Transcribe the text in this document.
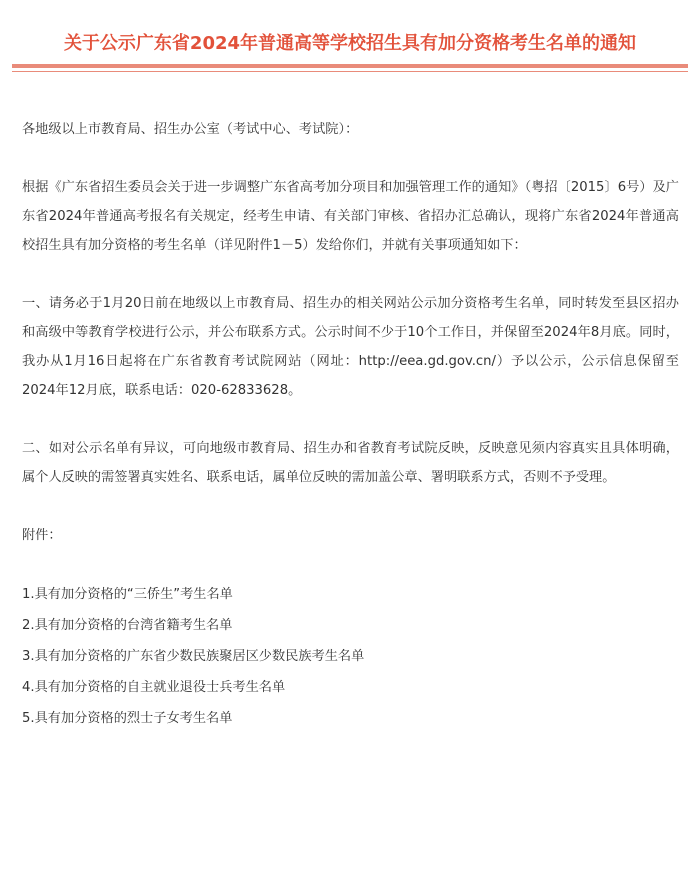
关于公示广东省2024年普通高等学校招生具有加分资格考生名单的通知

各地级以上市教育局、招生办公室（考试中心、考试院）：

根据《广东省招生委员会关于进一步调整广东省高考加分项目和加强管理工作的通知》（粤招〔2015〕6号）及广东省2024年普通高考报名有关规定，经考生申请、有关部门审核、省招办汇总确认，现将广东省2024年普通高校招生具有加分资格的考生名单（详见附件1－5）发给你们，并就有关事项通知如下：

一、请务必于1月20日前在地级以上市教育局、招生办的相关网站公示加分资格考生名单，同时转发至县区招办和高级中等教育学校进行公示，并公布联系方式。公示时间不少于10个工作日，并保留至2024年8月底。同时，我办从1月16日起将在广东省教育考试院网站（网址：http://eea.gd.gov.cn/）予以公示，公示信息保留至2024年12月底，联系电话：020-62833628。

二、如对公示名单有异议，可向地级市教育局、招生办和省教育考试院反映，反映意见须内容真实且具体明确，属个人反映的需签署真实姓名、联系电话，属单位反映的需加盖公章、署明联系方式，否则不予受理。

附件：

1.具有加分资格的“三侨生”考生名单

2.具有加分资格的台湾省籍考生名单

3.具有加分资格的广东省少数民族聚居区少数民族考生名单

4.具有加分资格的自主就业退役士兵考生名单

5.具有加分资格的烈士子女考生名单
